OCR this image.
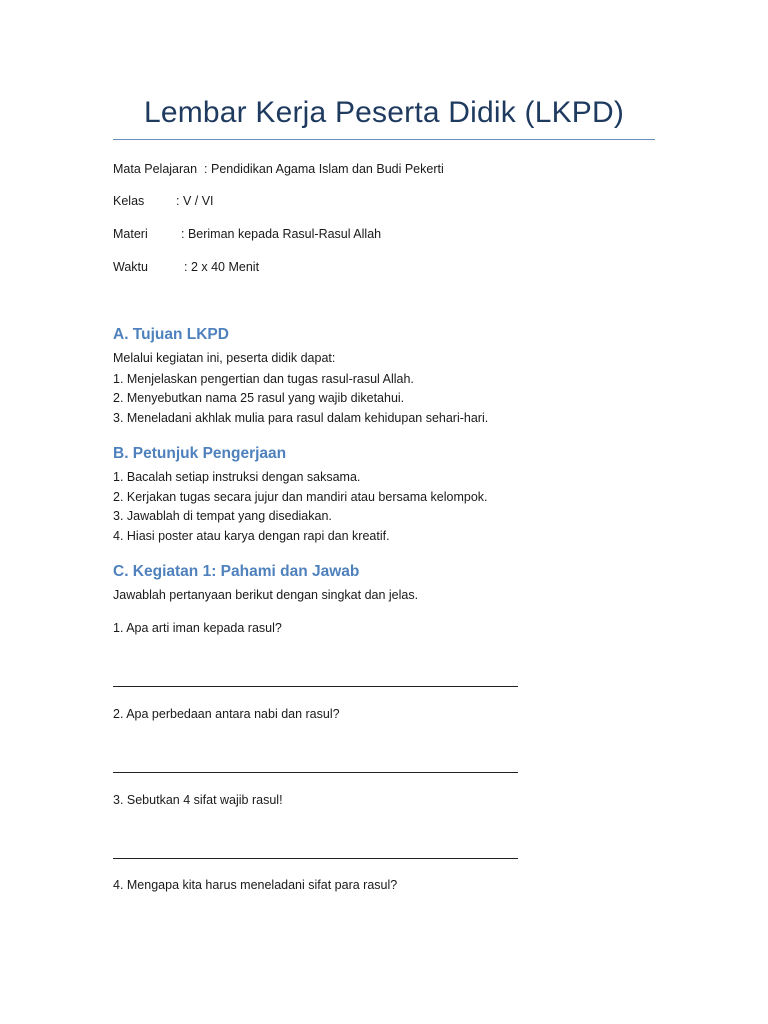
Lembar Kerja Peserta Didik (LKPD)
Mata Pelajaran : Pendidikan Agama Islam dan Budi Pekerti
Kelas	: V / VI
Materi	: Beriman kepada Rasul-Rasul Allah
Waktu	: 2 x 40 Menit
A. Tujuan LKPD
Melalui kegiatan ini, peserta didik dapat:
1. Menjelaskan pengertian dan tugas rasul-rasul Allah.
2. Menyebutkan nama 25 rasul yang wajib diketahui.
3. Meneladani akhlak mulia para rasul dalam kehidupan sehari-hari.
B. Petunjuk Pengerjaan
1. Bacalah setiap instruksi dengan saksama.
2. Kerjakan tugas secara jujur dan mandiri atau bersama kelompok.
3. Jawablah di tempat yang disediakan.
4. Hiasi poster atau karya dengan rapi dan kreatif.
C. Kegiatan 1: Pahami dan Jawab
Jawablah pertanyaan berikut dengan singkat dan jelas.
1. Apa arti iman kepada rasul?
2. Apa perbedaan antara nabi dan rasul?
3. Sebutkan 4 sifat wajib rasul!
4. Mengapa kita harus meneladani sifat para rasul?
